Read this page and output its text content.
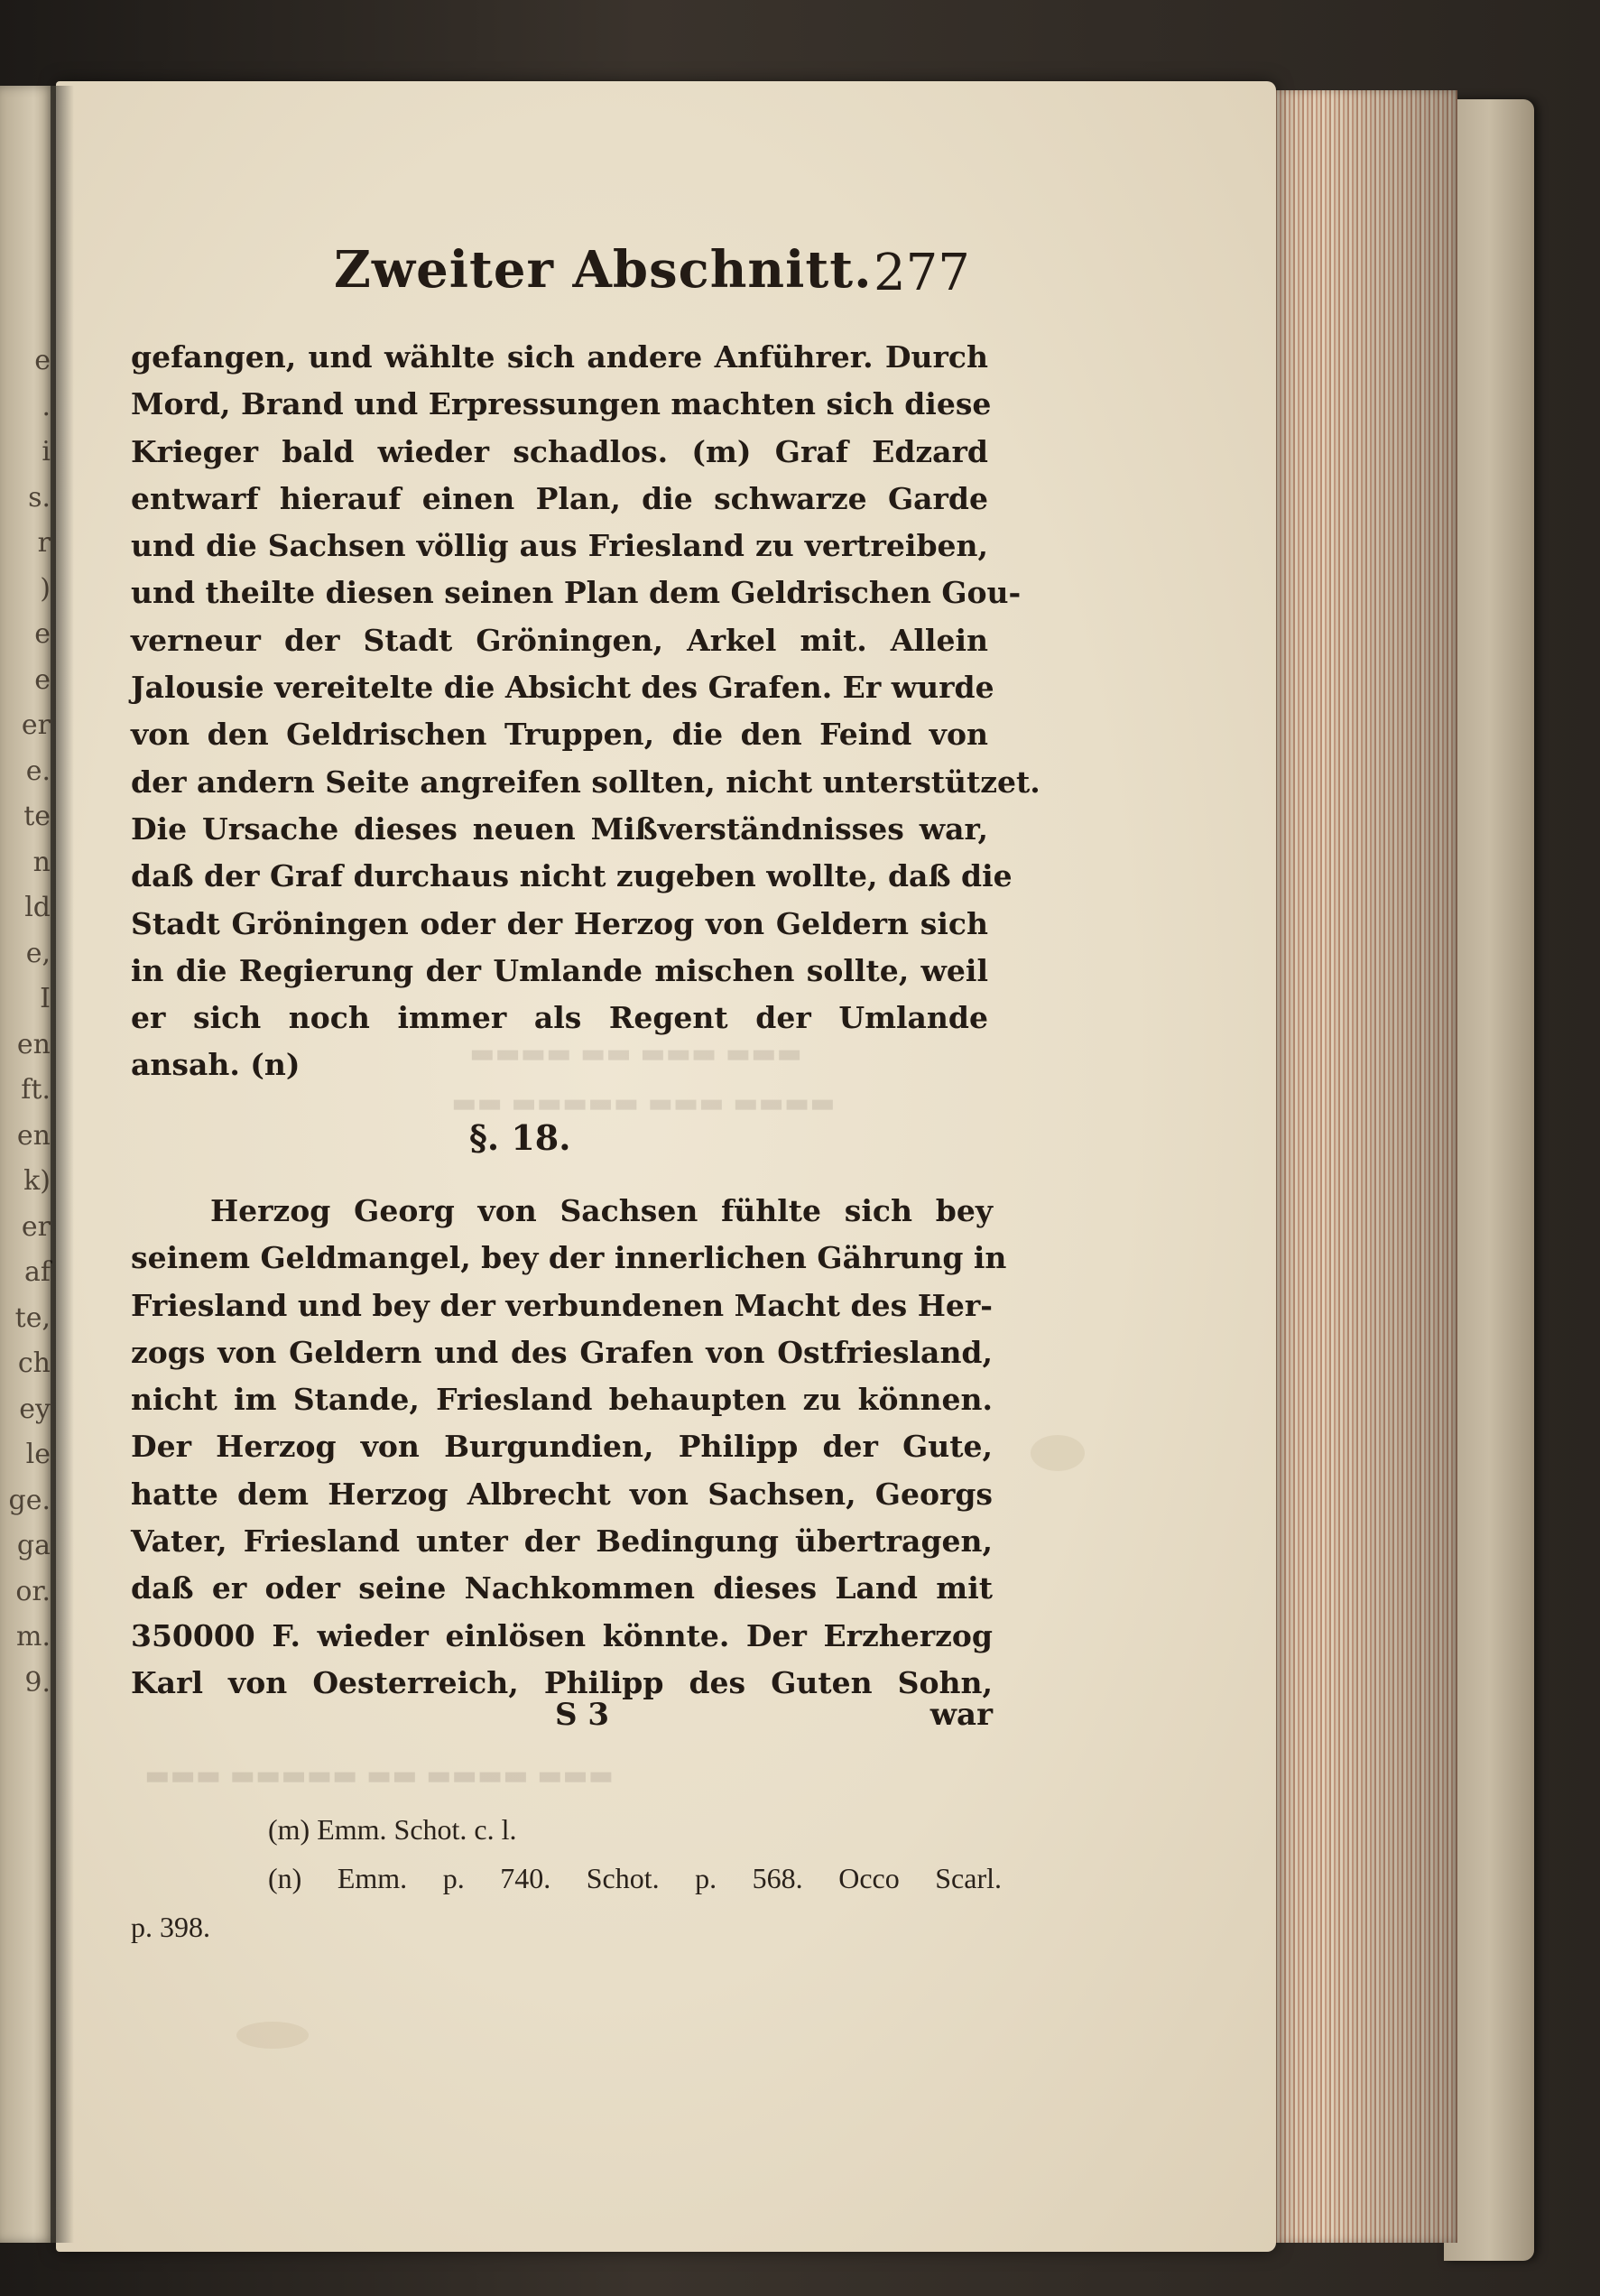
e
.
i
s.
r
)
e
e
er
e.
te
n
ld
e,
I
en
ft.
en
k)
er
af
te,
ch
ey
le
ge.
ga
or.
m.
9.
▬▬▬ ▬▬▬ ▬▬ ▬▬▬▬
▬▬▬▬ ▬▬▬ ▬▬▬▬▬ ▬▬
▬▬▬ ▬▬▬▬ ▬▬ ▬▬▬▬▬ ▬▬▬
Zweiter Abschnitt. 277
gefangen, und wählte sich andere Anführer. Durch
Mord, Brand und Erpressungen machten sich diese
Krieger bald wieder schadlos. (m) Graf Edzard
entwarf hierauf einen Plan, die schwarze Garde
und die Sachsen völlig aus Friesland zu vertreiben,
und theilte diesen seinen Plan dem Geldrischen Gou-
verneur der Stadt Gröningen, Arkel mit. Allein
Jalousie vereitelte die Absicht des Grafen. Er wurde
von den Geldrischen Truppen, die den Feind von
der andern Seite angreifen sollten, nicht unterstützet.
Die Ursache dieses neuen Mißverständnisses war,
daß der Graf durchaus nicht zugeben wollte, daß die
Stadt Gröningen oder der Herzog von Geldern sich
in die Regierung der Umlande mischen sollte, weil
er sich noch immer als Regent der Umlande
ansah. (n)
§. 18.
Herzog Georg von Sachsen fühlte sich bey
seinem Geldmangel, bey der innerlichen Gährung in
Friesland und bey der verbundenen Macht des Her-
zogs von Geldern und des Grafen von Ostfriesland,
nicht im Stande, Friesland behaupten zu können.
Der Herzog von Burgundien, Philipp der Gute,
hatte dem Herzog Albrecht von Sachsen, Georgs
Vater, Friesland unter der Bedingung übertragen,
daß er oder seine Nachkommen dieses Land mit
350000 F. wieder einlösen könnte. Der Erzherzog
Karl von Oesterreich, Philipp des Guten Sohn,
S 3	war
(m) Emm. Schot. c. l.
(n) Emm. p. 740. Schot. p. 568. Occo Scarl.
p. 398.
